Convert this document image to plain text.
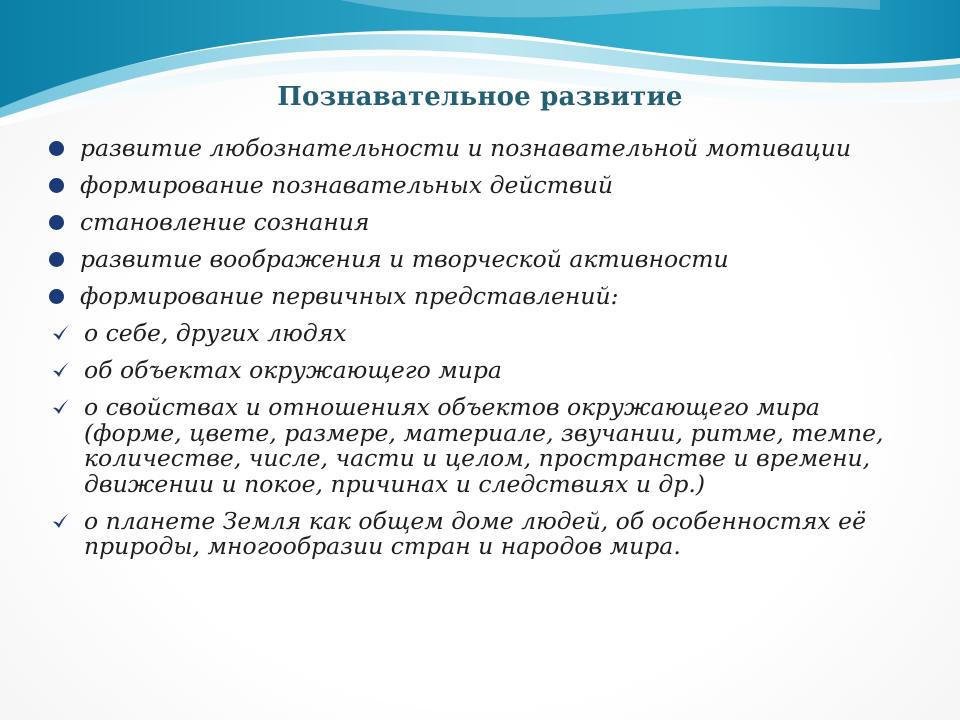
Познавательное развитие
развитие любознательности и познавательной мотивации
формирование познавательных действий
становление сознания
развитие воображения и творческой активности
формирование первичных представлений:
о себе, других людях
об объектах окружающего мира
о свойствах и отношениях объектов окружающего мира (форме, цвете, размере, материале, звучании, ритме, темпе, количестве, числе, части и целом, пространстве и времени, движении и покое, причинах и следствиях и др.)
о планете Земля как общем доме людей, об особенностях её природы, многообразии стран и народов мира.
